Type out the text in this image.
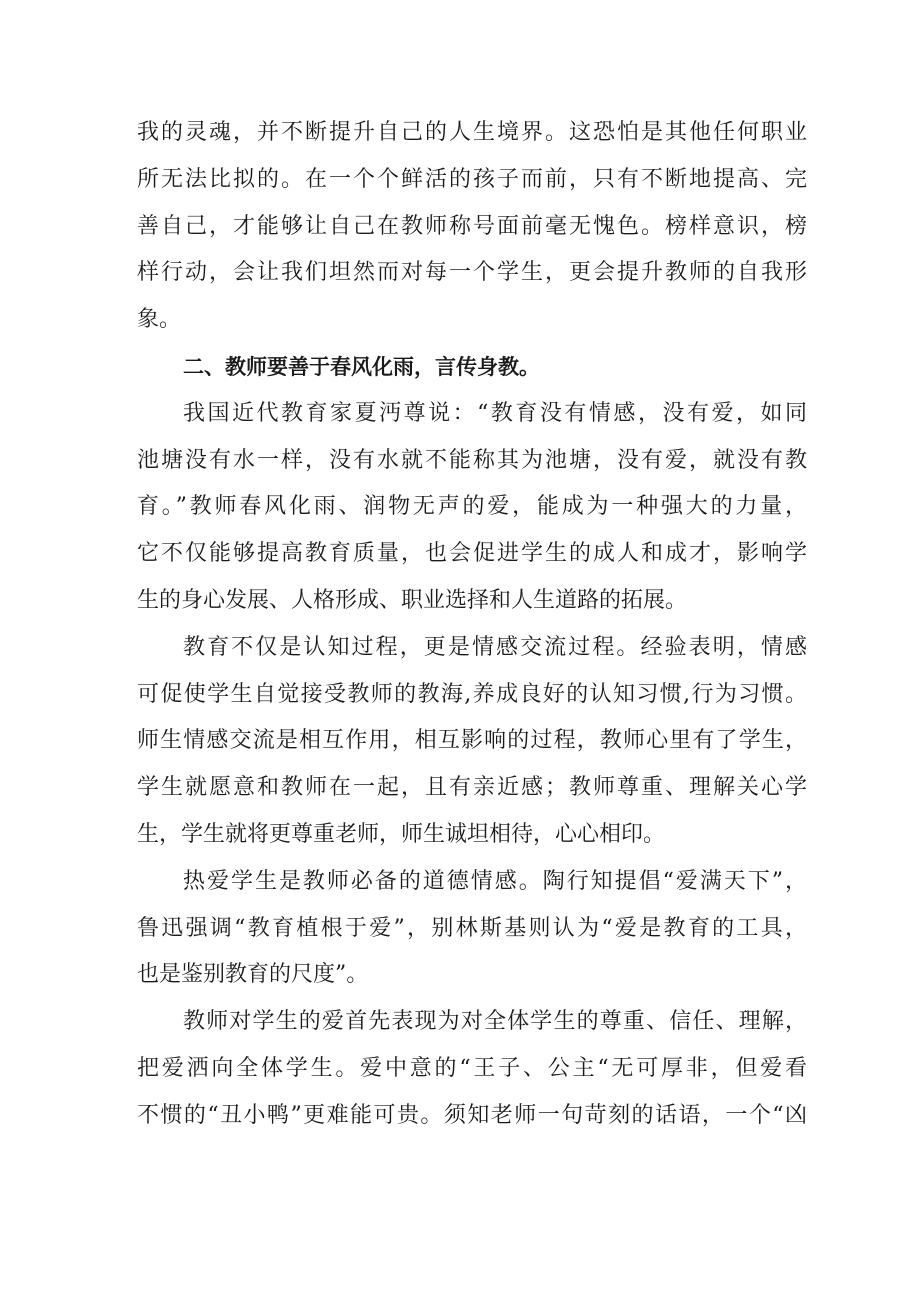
我的灵魂，并不断提升自己的人生境界。这恐怕是其他任何职业
所无法比拟的。在一个个鲜活的孩子而前，只有不断地提高、完
善自己，才能够让自己在教师称号面前毫无愧色。榜样意识，榜
样行动，会让我们坦然而对每一个学生，更会提升教师的自我形
象。
二、教师要善于春风化雨，言传身教。
我国近代教育家夏沔尊说：“教育没有情感，没有爱，如同
池塘没有水一样，没有水就不能称其为池塘，没有爱，就没有教
育。”教师春风化雨、润物无声的爱，能成为一种强大的力量，
它不仅能够提高教育质量，也会促进学生的成人和成才，影响学
生的身心发展、人格形成、职业选择和人生道路的拓展。
教育不仅是认知过程，更是情感交流过程。经验表明，情感
可促使学生自觉接受教师的教海,养成良好的认知习惯,行为习惯。
师生情感交流是相互作用，相互影响的过程，教师心里有了学生，
学生就愿意和教师在一起，且有亲近感；教师尊重、理解关心学
生，学生就将更尊重老师，师生诚坦相待，心心相印。
热爱学生是教师必备的道德情感。陶行知提倡“爱满天下”，
鲁迅强调“教育植根于爱”，别林斯基则认为“爱是教育的工具，
也是鉴别教育的尺度”。
教师对学生的爱首先表现为对全体学生的尊重、信任、理解，
把爱洒向全体学生。爱中意的“王子、公主“无可厚非，但爱看
不惯的“丑小鸭”更难能可贵。须知老师一句苛刻的话语，一个“凶
